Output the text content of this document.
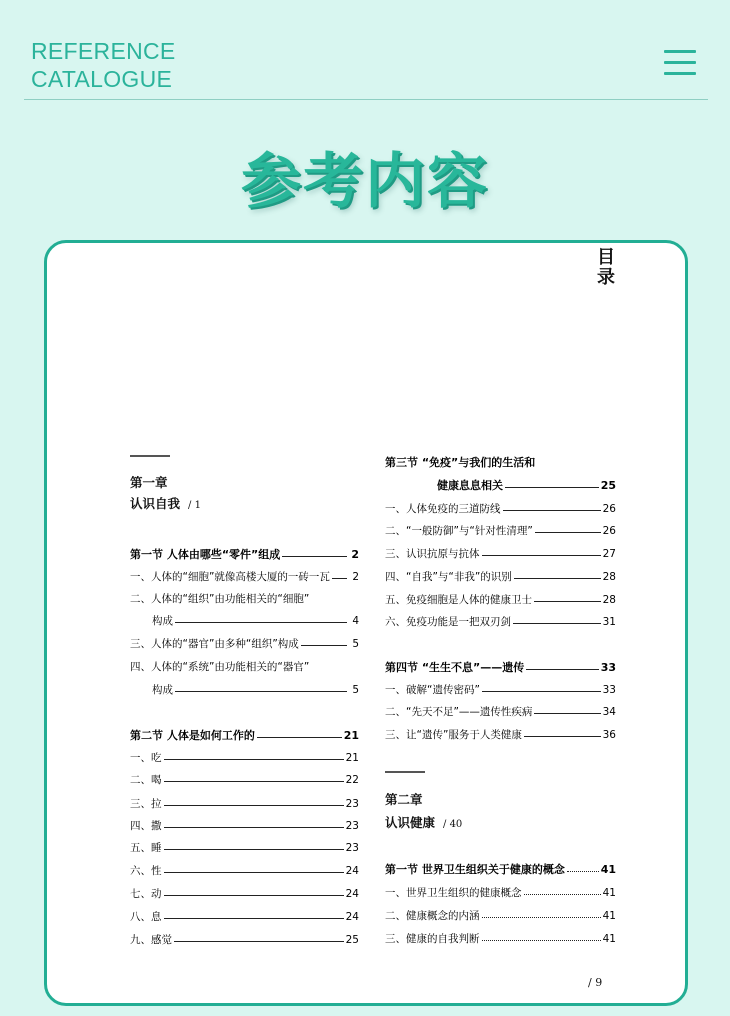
REFERENCE
CATALOGUE
参考内容
目
录
第一章
认识自我 / 1
第一节 人体由哪些“零件”组成	2
一、人体的“细胞”就像高楼大厦的一砖一瓦	2
二、人体的“组织”由功能相关的“细胞”
构成	4
三、人体的“器官”由多种“组织”构成	5
四、人体的“系统”由功能相关的“器官”
构成	5
第二节 人体是如何工作的	21
一、吃	21
二、喝	22
三、拉	23
四、撒	23
五、睡	23
六、性	24
七、动	24
八、息	24
九、感觉	25
第三节 “免疫”与我们的生活和
健康息息相关	25
一、人体免疫的三道防线	26
二、“一般防御”与“针对性清理”	26
三、认识抗原与抗体	27
四、“自我”与“非我”的识别	28
五、免疫细胞是人体的健康卫士	28
六、免疫功能是一把双刃剑	31
第四节 “生生不息”——遗传	33
一、破解“遗传密码”	33
二、“先天不足”——遗传性疾病	34
三、让“遗传”服务于人类健康	36
第二章
认识健康 / 40
第一节 世界卫生组织关于健康的概念	41
一、世界卫生组织的健康概念	41
二、健康概念的内涵	41
三、健康的自我判断	41
/ 9
